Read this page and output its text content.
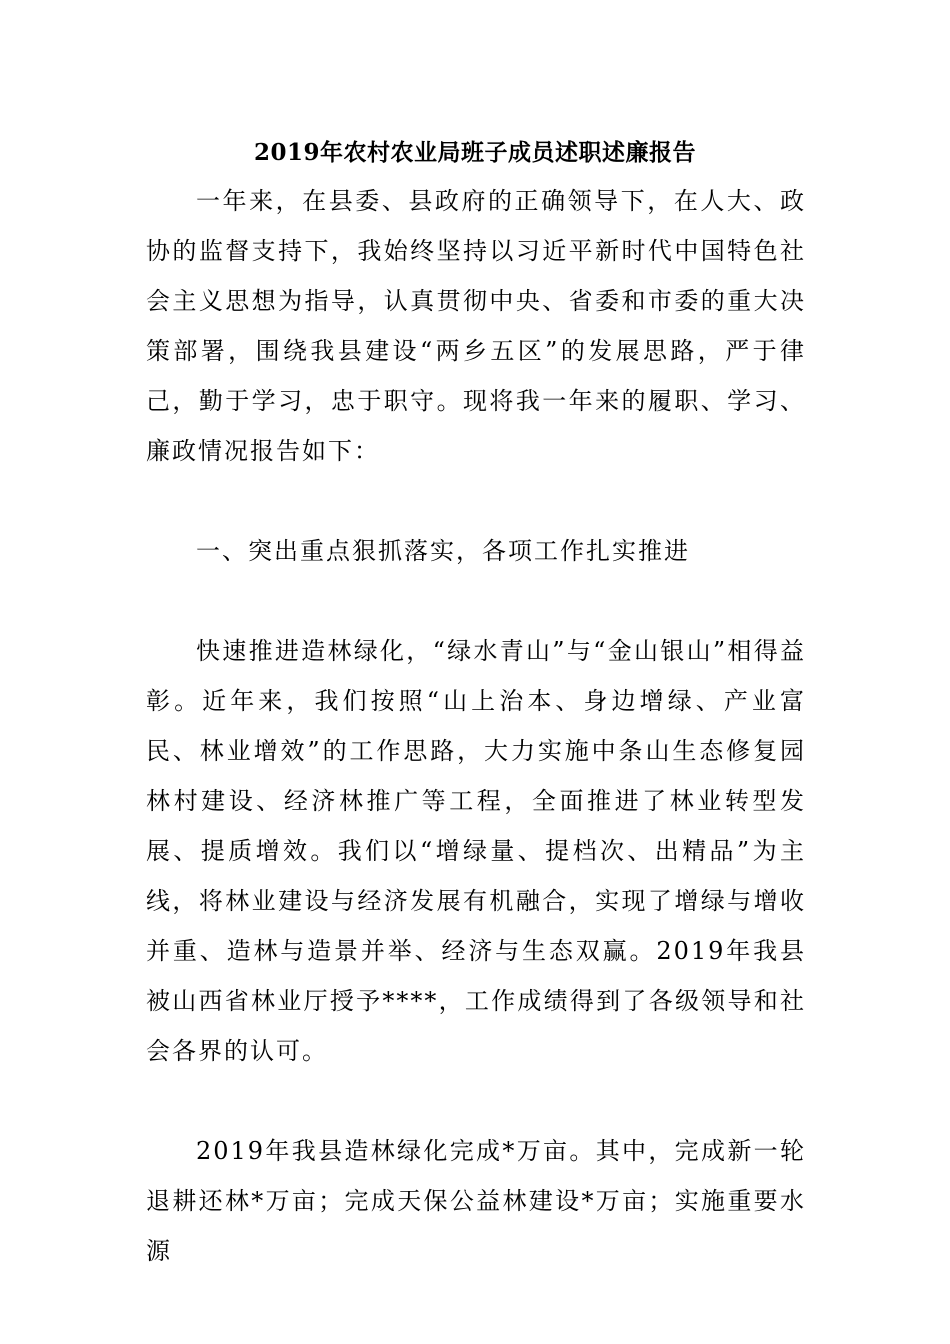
2019年农村农业局班子成员述职述廉报告

一年来，在县委、县政府的正确领导下，在人大、政协的监督支持下，我始终坚持以习近平新时代中国特色社会主义思想为指导，认真贯彻中央、省委和市委的重大决策部署，围绕我县建设“两乡五区”的发展思路，严于律己，勤于学习，忠于职守。现将我一年来的履职、学习、廉政情况报告如下：

一、突出重点狠抓落实，各项工作扎实推进

快速推进造林绿化，“绿水青山”与“金山银山”相得益彰。近年来，我们按照“山上治本、身边增绿、产业富民、林业增效”的工作思路，大力实施中条山生态修复园林村建设、经济林推广等工程，全面推进了林业转型发展、提质增效。我们以“增绿量、提档次、出精品”为主线，将林业建设与经济发展有机融合，实现了增绿与增收并重、造林与造景并举、经济与生态双赢。2019年我县被山西省林业厅授予****，工作成绩得到了各级领导和社会各界的认可。

2019年我县造林绿化完成*万亩。其中，完成新一轮退耕还林*万亩；完成天保公益林建设*万亩；实施重要水源
